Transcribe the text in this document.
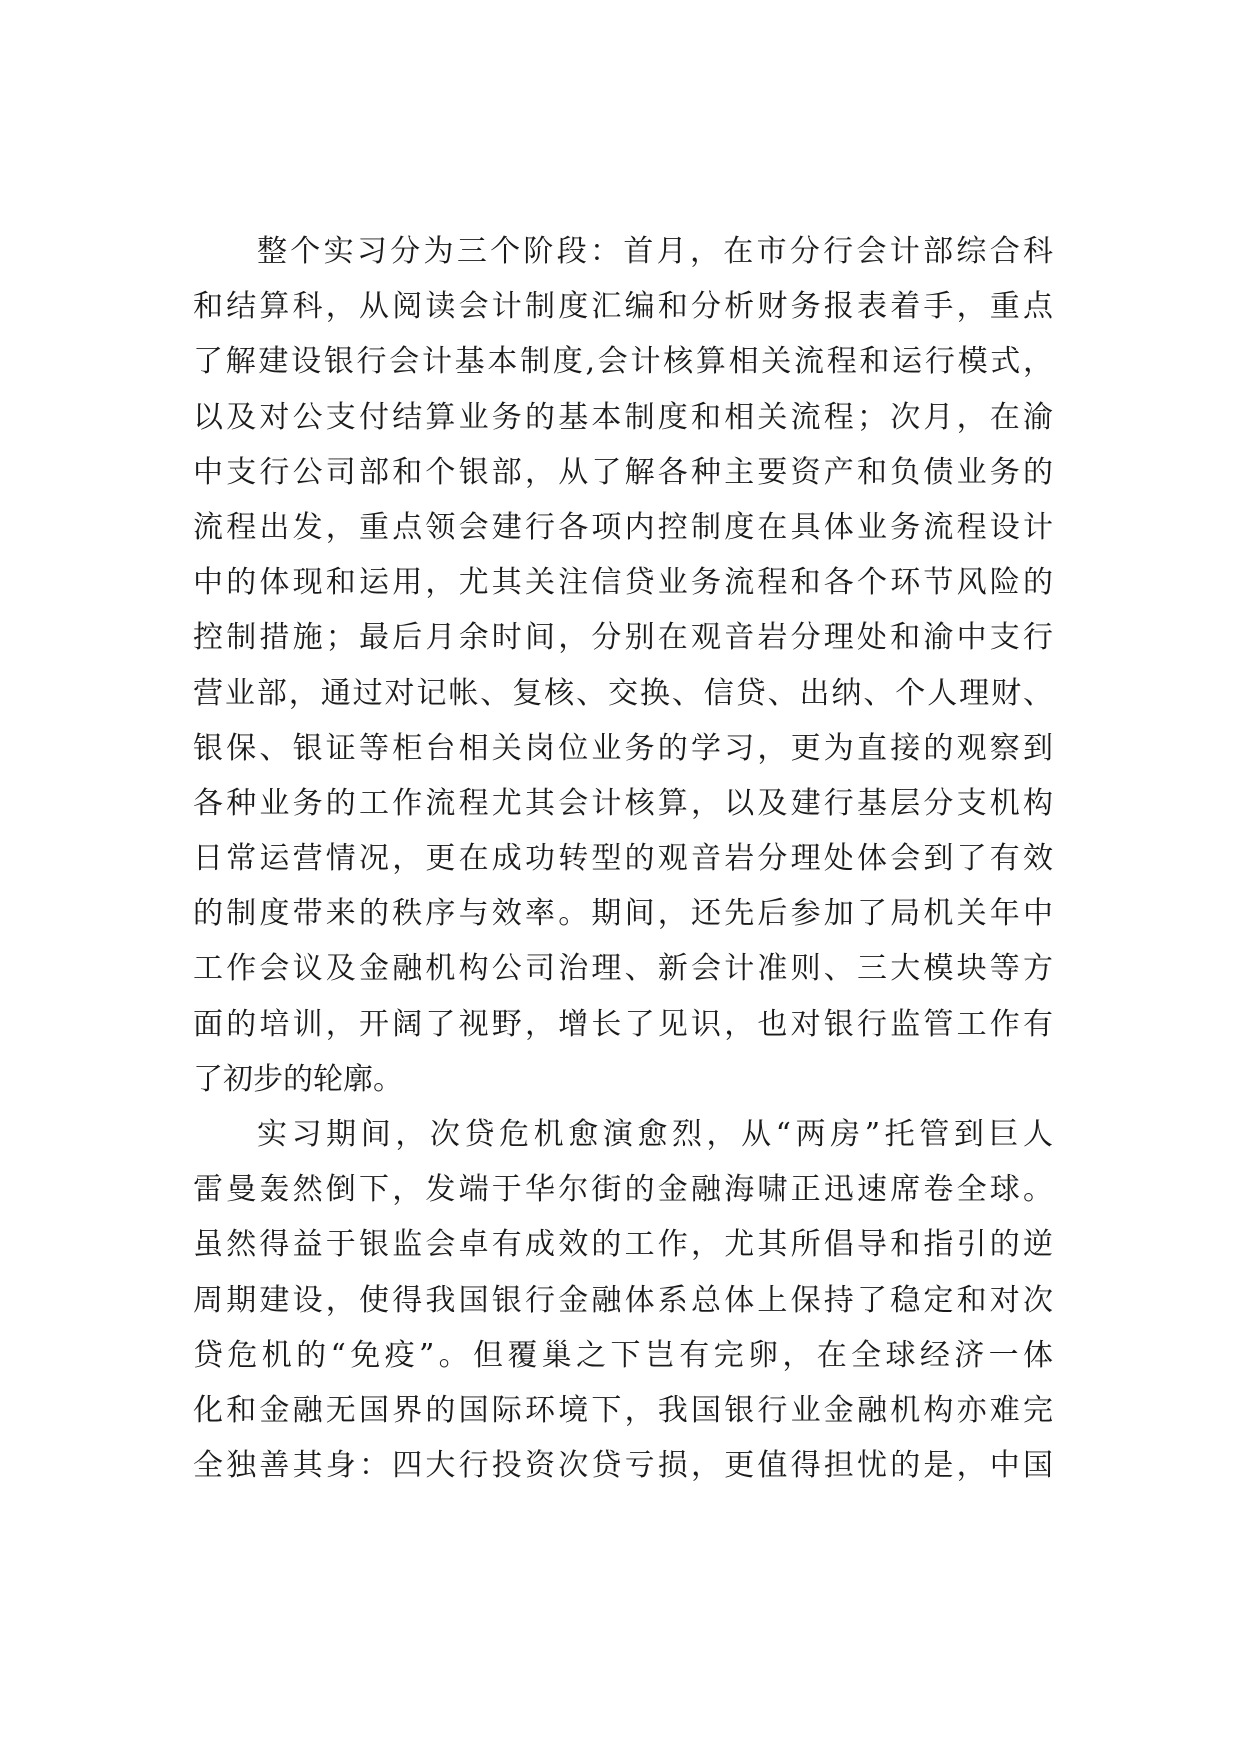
整个实习分为三个阶段：首月，在市分行会计部综合科
和结算科，从阅读会计制度汇编和分析财务报表着手，重点
了解建设银行会计基本制度,会计核算相关流程和运行模式，
以及对公支付结算业务的基本制度和相关流程；次月，在渝
中支行公司部和个银部，从了解各种主要资产和负债业务的
流程出发，重点领会建行各项内控制度在具体业务流程设计
中的体现和运用，尤其关注信贷业务流程和各个环节风险的
控制措施；最后月余时间，分别在观音岩分理处和渝中支行
营业部，通过对记帐、复核、交换、信贷、出纳、个人理财、
银保、银证等柜台相关岗位业务的学习，更为直接的观察到
各种业务的工作流程尤其会计核算，以及建行基层分支机构
日常运营情况，更在成功转型的观音岩分理处体会到了有效
的制度带来的秩序与效率。期间，还先后参加了局机关年中
工作会议及金融机构公司治理、新会计准则、三大模块等方
面的培训，开阔了视野，增长了见识，也对银行监管工作有
了初步的轮廓。
实习期间，次贷危机愈演愈烈，从“两房”托管到巨人
雷曼轰然倒下，发端于华尔街的金融海啸正迅速席卷全球。
虽然得益于银监会卓有成效的工作，尤其所倡导和指引的逆
周期建设，使得我国银行金融体系总体上保持了稳定和对次
贷危机的“免疫”。但覆巢之下岂有完卵，在全球经济一体
化和金融无国界的国际环境下，我国银行业金融机构亦难完
全独善其身：四大行投资次贷亏损，更值得担忧的是，中国
